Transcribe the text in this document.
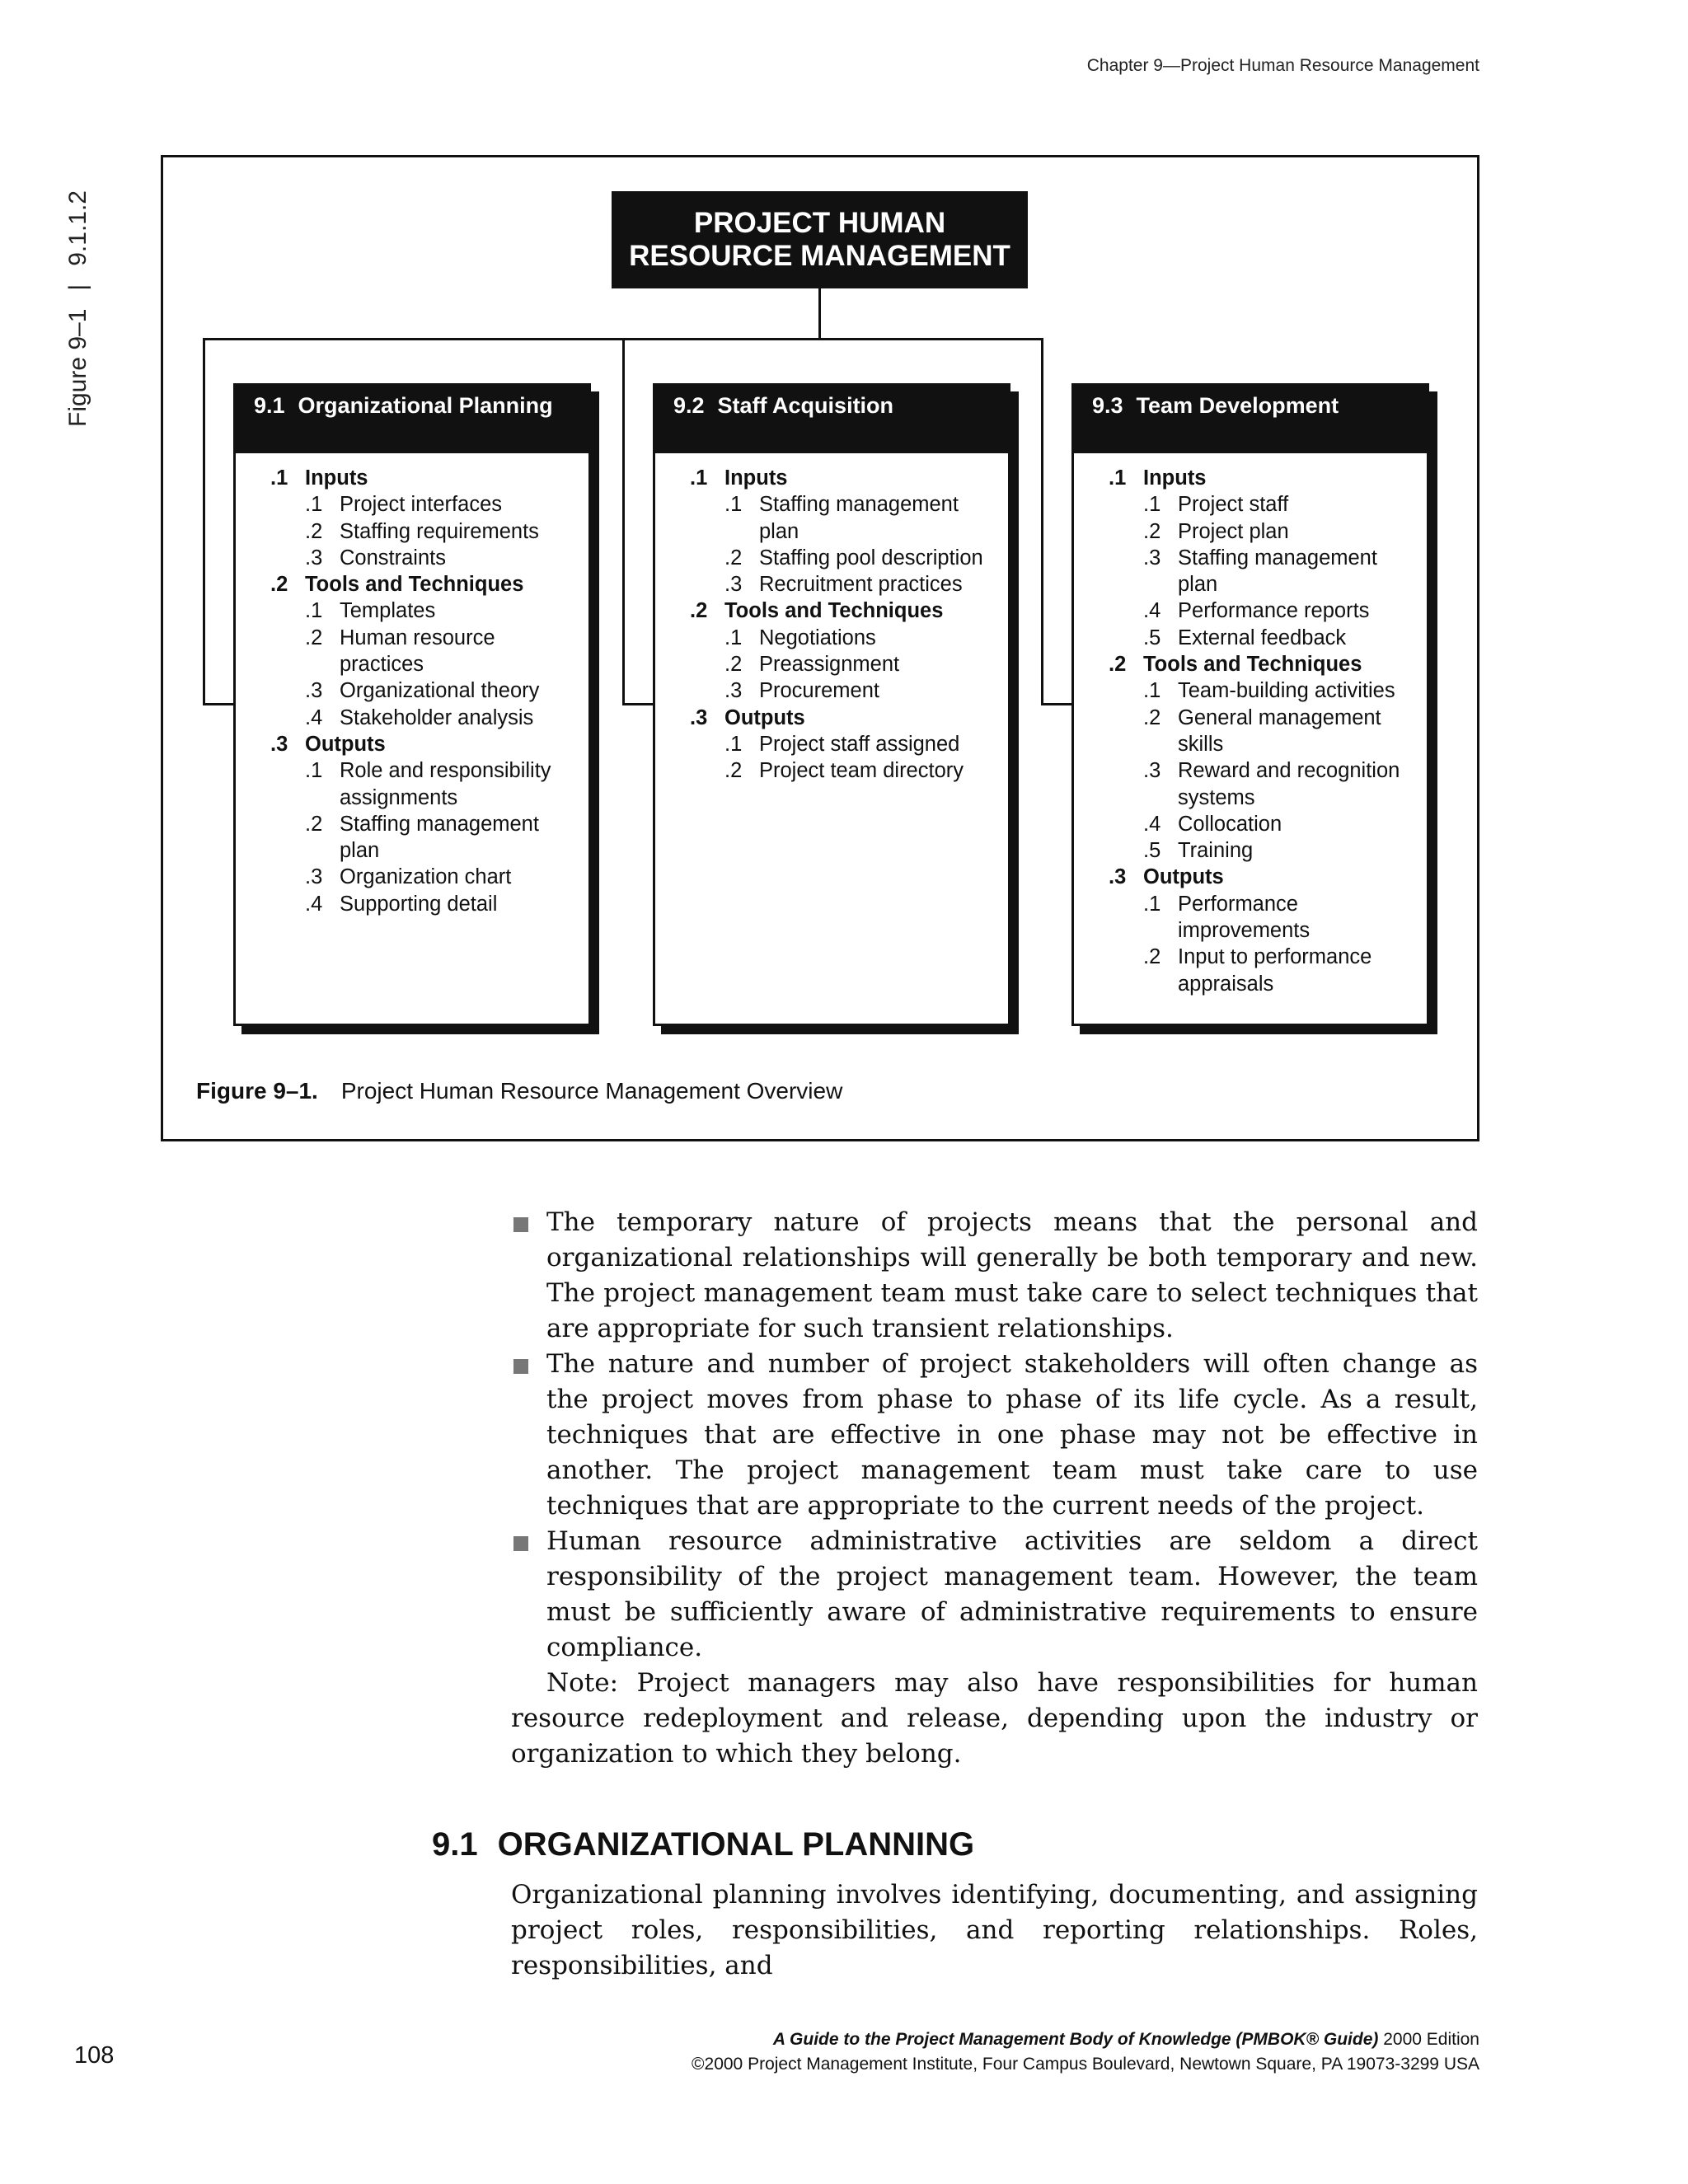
Chapter 9—Project Human Resource Management
Figure 9–1
|
9.1.1.2	PROJECT HUMAN
RESOURCE MANAGEMENT
9.1 Organizational Planning
.1 Inputs
.1 Project interfaces
.2 Staffing requirements
.3 Constraints
.2 Tools and Techniques
.1 Templates
.2 Human resource practices
.3 Organizational theory
.4 Stakeholder analysis
.3 Outputs
.1 Role and responsibility assignments
.2 Staffing management plan
.3 Organization chart
.4 Supporting detail
9.2 Staff Acquisition
.1 Inputs
.1 Staffing management plan
.2 Staffing pool description
.3 Recruitment practices
.2 Tools and Techniques
.1 Negotiations
.2 Preassignment
.3 Procurement
.3 Outputs
.1 Project staff assigned
.2 Project team directory
9.3 Team Development
.1 Inputs
.1 Project staff
.2 Project plan
.3 Staffing management plan
.4 Performance reports
.5 External feedback
.2 Tools and Techniques
.1 Team-building activities
.2 General management skills
.3 Reward and recognition systems
.4 Collocation
.5 Training
.3 Outputs
.1 Performance improvements
.2 Input to performance appraisals
Figure 9–1. Project Human Resource Management Overview
The temporary nature of projects means that the personal and organizational relationships will generally be both temporary and new. The project management team must take care to select techniques that are appropriate for such transient relationships.
The nature and number of project stakeholders will often change as the project moves from phase to phase of its life cycle. As a result, techniques that are effective in one phase may not be effective in another. The project management team must take care to use techniques that are appropriate to the current needs of the project.
Human resource administrative activities are seldom a direct responsibility of the project management team. However, the team must be sufficiently aware of administrative requirements to ensure compliance.
Note: Project managers may also have responsibilities for human resource redeployment and release, depending upon the industry or organization to which they belong.
9.1 ORGANIZATIONAL PLANNING
Organizational planning involves identifying, documenting, and assigning project roles, responsibilities, and reporting relationships. Roles, responsibilities, and
108
A Guide to the Project Management Body of Knowledge (PMBOK® Guide) 2000 Edition
©2000 Project Management Institute, Four Campus Boulevard, Newtown Square, PA 19073-3299 USA
